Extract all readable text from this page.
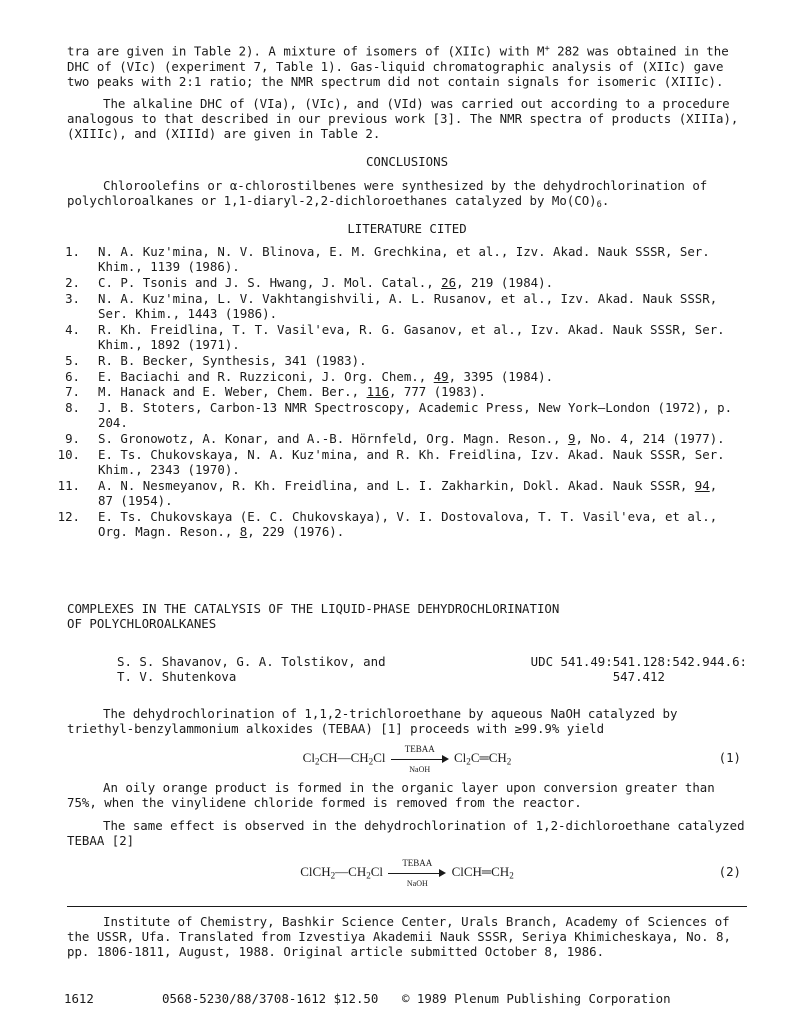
tra are given in Table 2). A mixture of isomers of (XIIc) with M+ 282 was obtained in the DHC of (VIc) (experiment 7, Table 1). Gas-liquid chromatographic analysis of (XIIc) gave two peaks with 2:1 ratio; the NMR spectrum did not contain signals for isomeric (XIIIc).

The alkaline DHC of (VIa), (VIc), and (VId) was carried out according to a procedure analogous to that described in our previous work [3]. The NMR spectra of products (XIIIa), (XIIIc), and (XIIId) are given in Table 2.

CONCLUSIONS

Chloroolefins or α-chlorostilbenes were synthesized by the dehydrochlorination of polychloroalkanes or 1,1-diaryl-2,2-dichloroethanes catalyzed by $Mo(CO)_6$.

LITERATURE CITED

1.	N. A. Kuz'mina, N. V. Blinova, E. M. Grechkina, et al., Izv. Akad. Nauk SSSR, Ser. Khim., 1139 (1986).
2.	C. P. Tsonis and J. S. Hwang, J. Mol. Catal., 26, 219 (1984).
3.	N. A. Kuz'mina, L. V. Vakhtangishvili, A. L. Rusanov, et al., Izv. Akad. Nauk SSSR, Ser. Khim., 1443 (1986).
4.	R. Kh. Freidlina, T. T. Vasil'eva, R. G. Gasanov, et al., Izv. Akad. Nauk SSSR, Ser. Khim., 1892 (1971).
5.	R. B. Becker, Synthesis, 341 (1983).
6.	E. Baciachi and R. Ruzziconi, J. Org. Chem., 49, 3395 (1984).
7.	M. Hanack and E. Weber, Chem. Ber., 116, 777 (1983).
8.	J. B. Stoters, Carbon-13 NMR Spectroscopy, Academic Press, New York—London (1972), p. 204.
9.	S. Gronowotz, A. Konar, and A.-B. Hörnfeld, Org. Magn. Reson., 9, No. 4, 214 (1977).
10.	E. Ts. Chukovskaya, N. A. Kuz'mina, and R. Kh. Freidlina, Izv. Akad. Nauk SSSR, Ser. Khim., 2343 (1970).
11.	A. N. Nesmeyanov, R. Kh. Freidlina, and L. I. Zakharkin, Dokl. Akad. Nauk SSSR, 94, 87 (1954).
12.	E. Ts. Chukovskaya (E. C. Chukovskaya), V. I. Dostovalova, T. T. Vasil'eva, et al., Org. Magn. Reson., 8, 229 (1976).

COMPLEXES IN THE CATALYSIS OF THE LIQUID-PHASE DEHYDROCHLORINATION
OF POLYCHLOROALKANES

S. S. Shavanov, G. A. Tolstikov, and
T. V. Shutenkova
UDC 541.49:541.128:542.944.6:
547.412

The dehydrochlorination of 1,1,2-trichloroethane by aqueous NaOH catalyzed by triethyl-benzylammonium alkoxides (TEBAA) [1] proceeds with ≥99.9% yield

$Cl_2CH—CH_2Cl$
TEBAA
NaOH
$Cl_2C═CH_2$	(1)

An oily orange product is formed in the organic layer upon conversion greater than 75%, when the vinylidene chloride formed is removed from the reactor.

The same effect is observed in the dehydrochlorination of 1,2-dichloroethane catalyzed TEBAA [2]

$ClCH_2—CH_2Cl$
TEBAA
NaOH
$ClCH═CH_2$	(2)

Institute of Chemistry, Bashkir Science Center, Urals Branch, Academy of Sciences of the USSR, Ufa. Translated from Izvestiya Akademii Nauk SSSR, Seriya Khimicheskaya, No. 8, pp. 1806-1811, August, 1988. Original article submitted October 8, 1986.

1612	0568-5230/88/3708-1612 $12.50 © 1989 Plenum Publishing Corporation
